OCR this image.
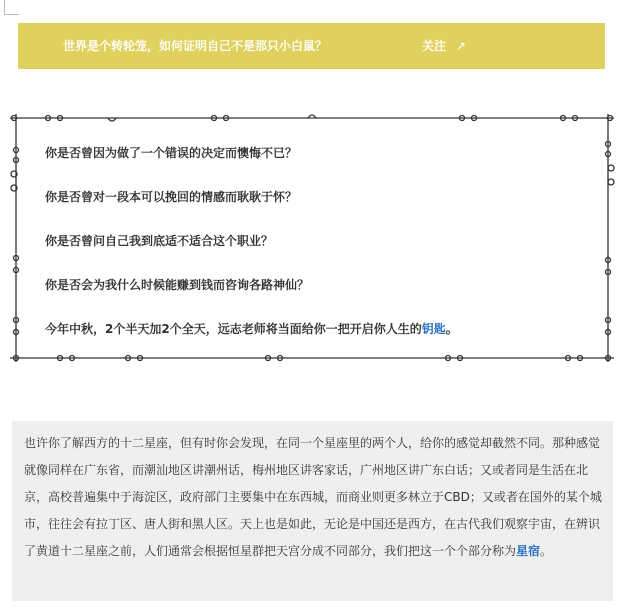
世界是个转轮笼，如何证明自己不是那只小白鼠？	关注 ↗
你是否曾因为做了一个错误的决定而懊悔不已？
你是否曾对一段本可以挽回的情感而耿耿于怀？
你是否曾问自己我到底适不适合这个职业？
你是否会为我什么时候能赚到钱而咨询各路神仙？
今年中秋，2个半天加2个全天，远志老师将当面给你一把开启你人生的钥匙。

也许你了解西方的十二星座，但有时你会发现，在同一个星座里的两个人，给你的感觉却截然不同。那种感觉就像同样在广东省，而潮汕地区讲潮州话，梅州地区讲客家话，广州地区讲广东白话；又或者同是生活在北京，高校普遍集中于海淀区，政府部门主要集中在东西城，而商业则更多林立于CBD；又或者在国外的某个城市，往往会有拉丁区、唐人街和黑人区。天上也是如此，无论是中国还是西方，在古代我们观察宇宙，在辨识了黄道十二星座之前，人们通常会根据恒星群把天宫分成不同部分，我们把这一个个部分称为星宿。
